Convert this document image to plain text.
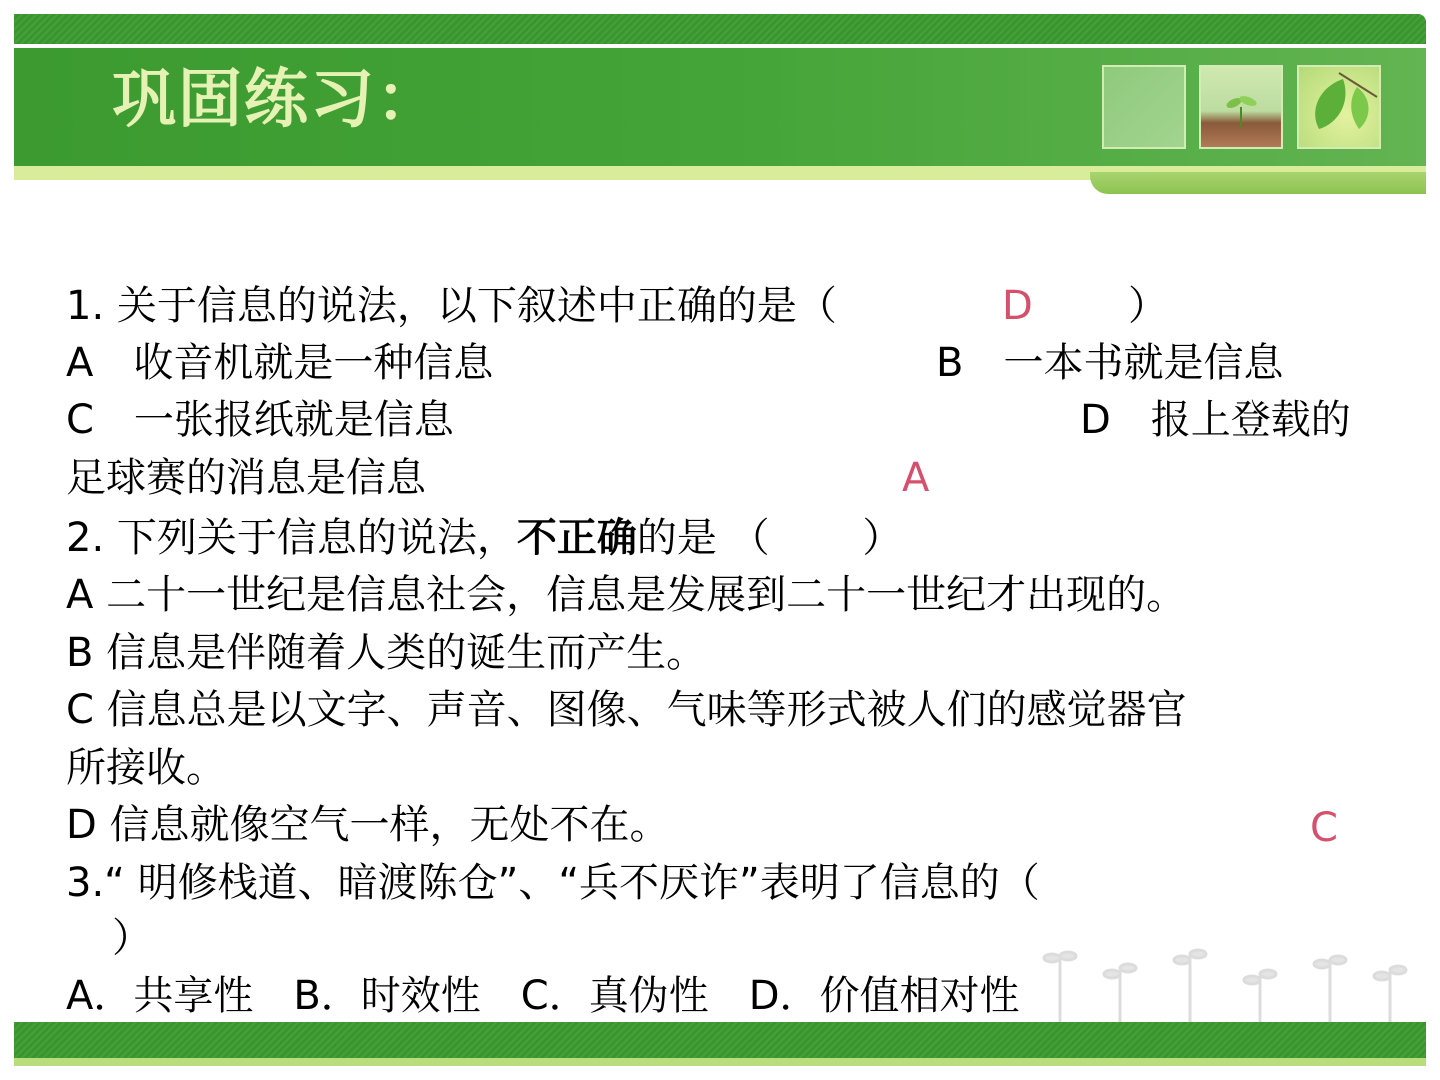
巩固练习：
1. 关于信息的说法，以下叙述中正确的是（	D ）
A　收音机就是一种信息	B　一本书就是信息
C　一张报纸就是信息	D　报上登载的
足球赛的消息是信息	A
2. 下列关于信息的说法，不正确的是 （　　 ）
A 二十一世纪是信息社会，信息是发展到二十一世纪才出现的。
B 信息是伴随着人类的诞生而产生。
C 信息总是以文字、声音、图像、气味等形式被人们的感觉器官
所接收。
D 信息就像空气一样，无处不在。	C
3.“ 明修栈道、暗渡陈仓”、“兵不厌诈”表明了信息的（
）
A．共享性　B．时效性　C．真伪性　D．价值相对性
